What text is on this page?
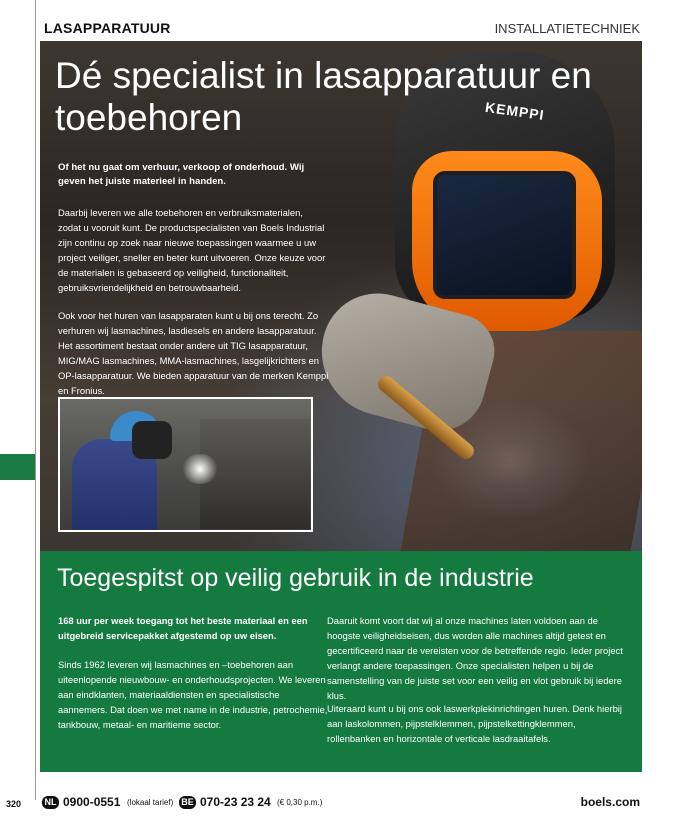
LASAPPARATUUR	INSTALLATIETECHNIEK
KEMPPI
Dé specialist in lasapparatuur en toebehoren

Of het nu gaat om verhuur, verkoop of onderhoud. Wij geven het juiste materieel in handen.

Daarbij leveren we alle toebehoren en verbruiksmaterialen, zodat u vooruit kunt. De productspecialisten van Boels Industrial zijn continu op zoek naar nieuwe toepassingen waarmee u uw project veiliger, sneller en beter kunt uitvoeren. Onze keuze voor de materialen is gebaseerd op veiligheid, functionaliteit, gebruiksvriendelijkheid en betrouwbaarheid.

Ook voor het huren van lasapparaten kunt u bij ons terecht. Zo verhuren wij lasmachines, lasdiesels en andere lasapparatuur. Het assortiment bestaat onder andere uit TIG lasapparatuur, MIG/MAG lasmachines, MMA-lasmachines, lasgelijkrichters en OP-lasapparatuur. We bieden apparatuur van de merken Kemppi en Fronius.

Toegespitst op veilig gebruik in de industrie

168 uur per week toegang tot het beste materiaal en een uitgebreid servicepakket afgestemd op uw eisen.

Sinds 1962 leveren wij lasmachines en –toebehoren aan uiteenlopende nieuwbouw- en onderhoudsprojecten. We leveren aan eindklanten, materiaaldiensten en specialistische aannemers. Dat doen we met name in de industrie, petrochemie, tankbouw, metaal- en maritieme sector.

Daaruit komt voort dat wij al onze machines laten voldoen aan de hoogste veiligheidseisen, dus worden alle machines altijd getest en gecertificeerd naar de vereisten voor de betreffende regio. Ieder project verlangt andere toepassingen. Onze specialisten helpen u bij de samenstelling van de juiste set voor een veilig en vlot gebruik bij iedere klus.

Uiteraard kunt u bij ons ook laswerkplekinrichtingen huren. Denk hierbij aan laskolommen, pijpstelklemmen, pijpstelkettingklemmen, rollenbanken en horizontale of verticale lasdraaitafels.

320	NL 0900-0551 (lokaal tarief) BE 070-23 23 24 (€ 0,30 p.m.)	boels.com
